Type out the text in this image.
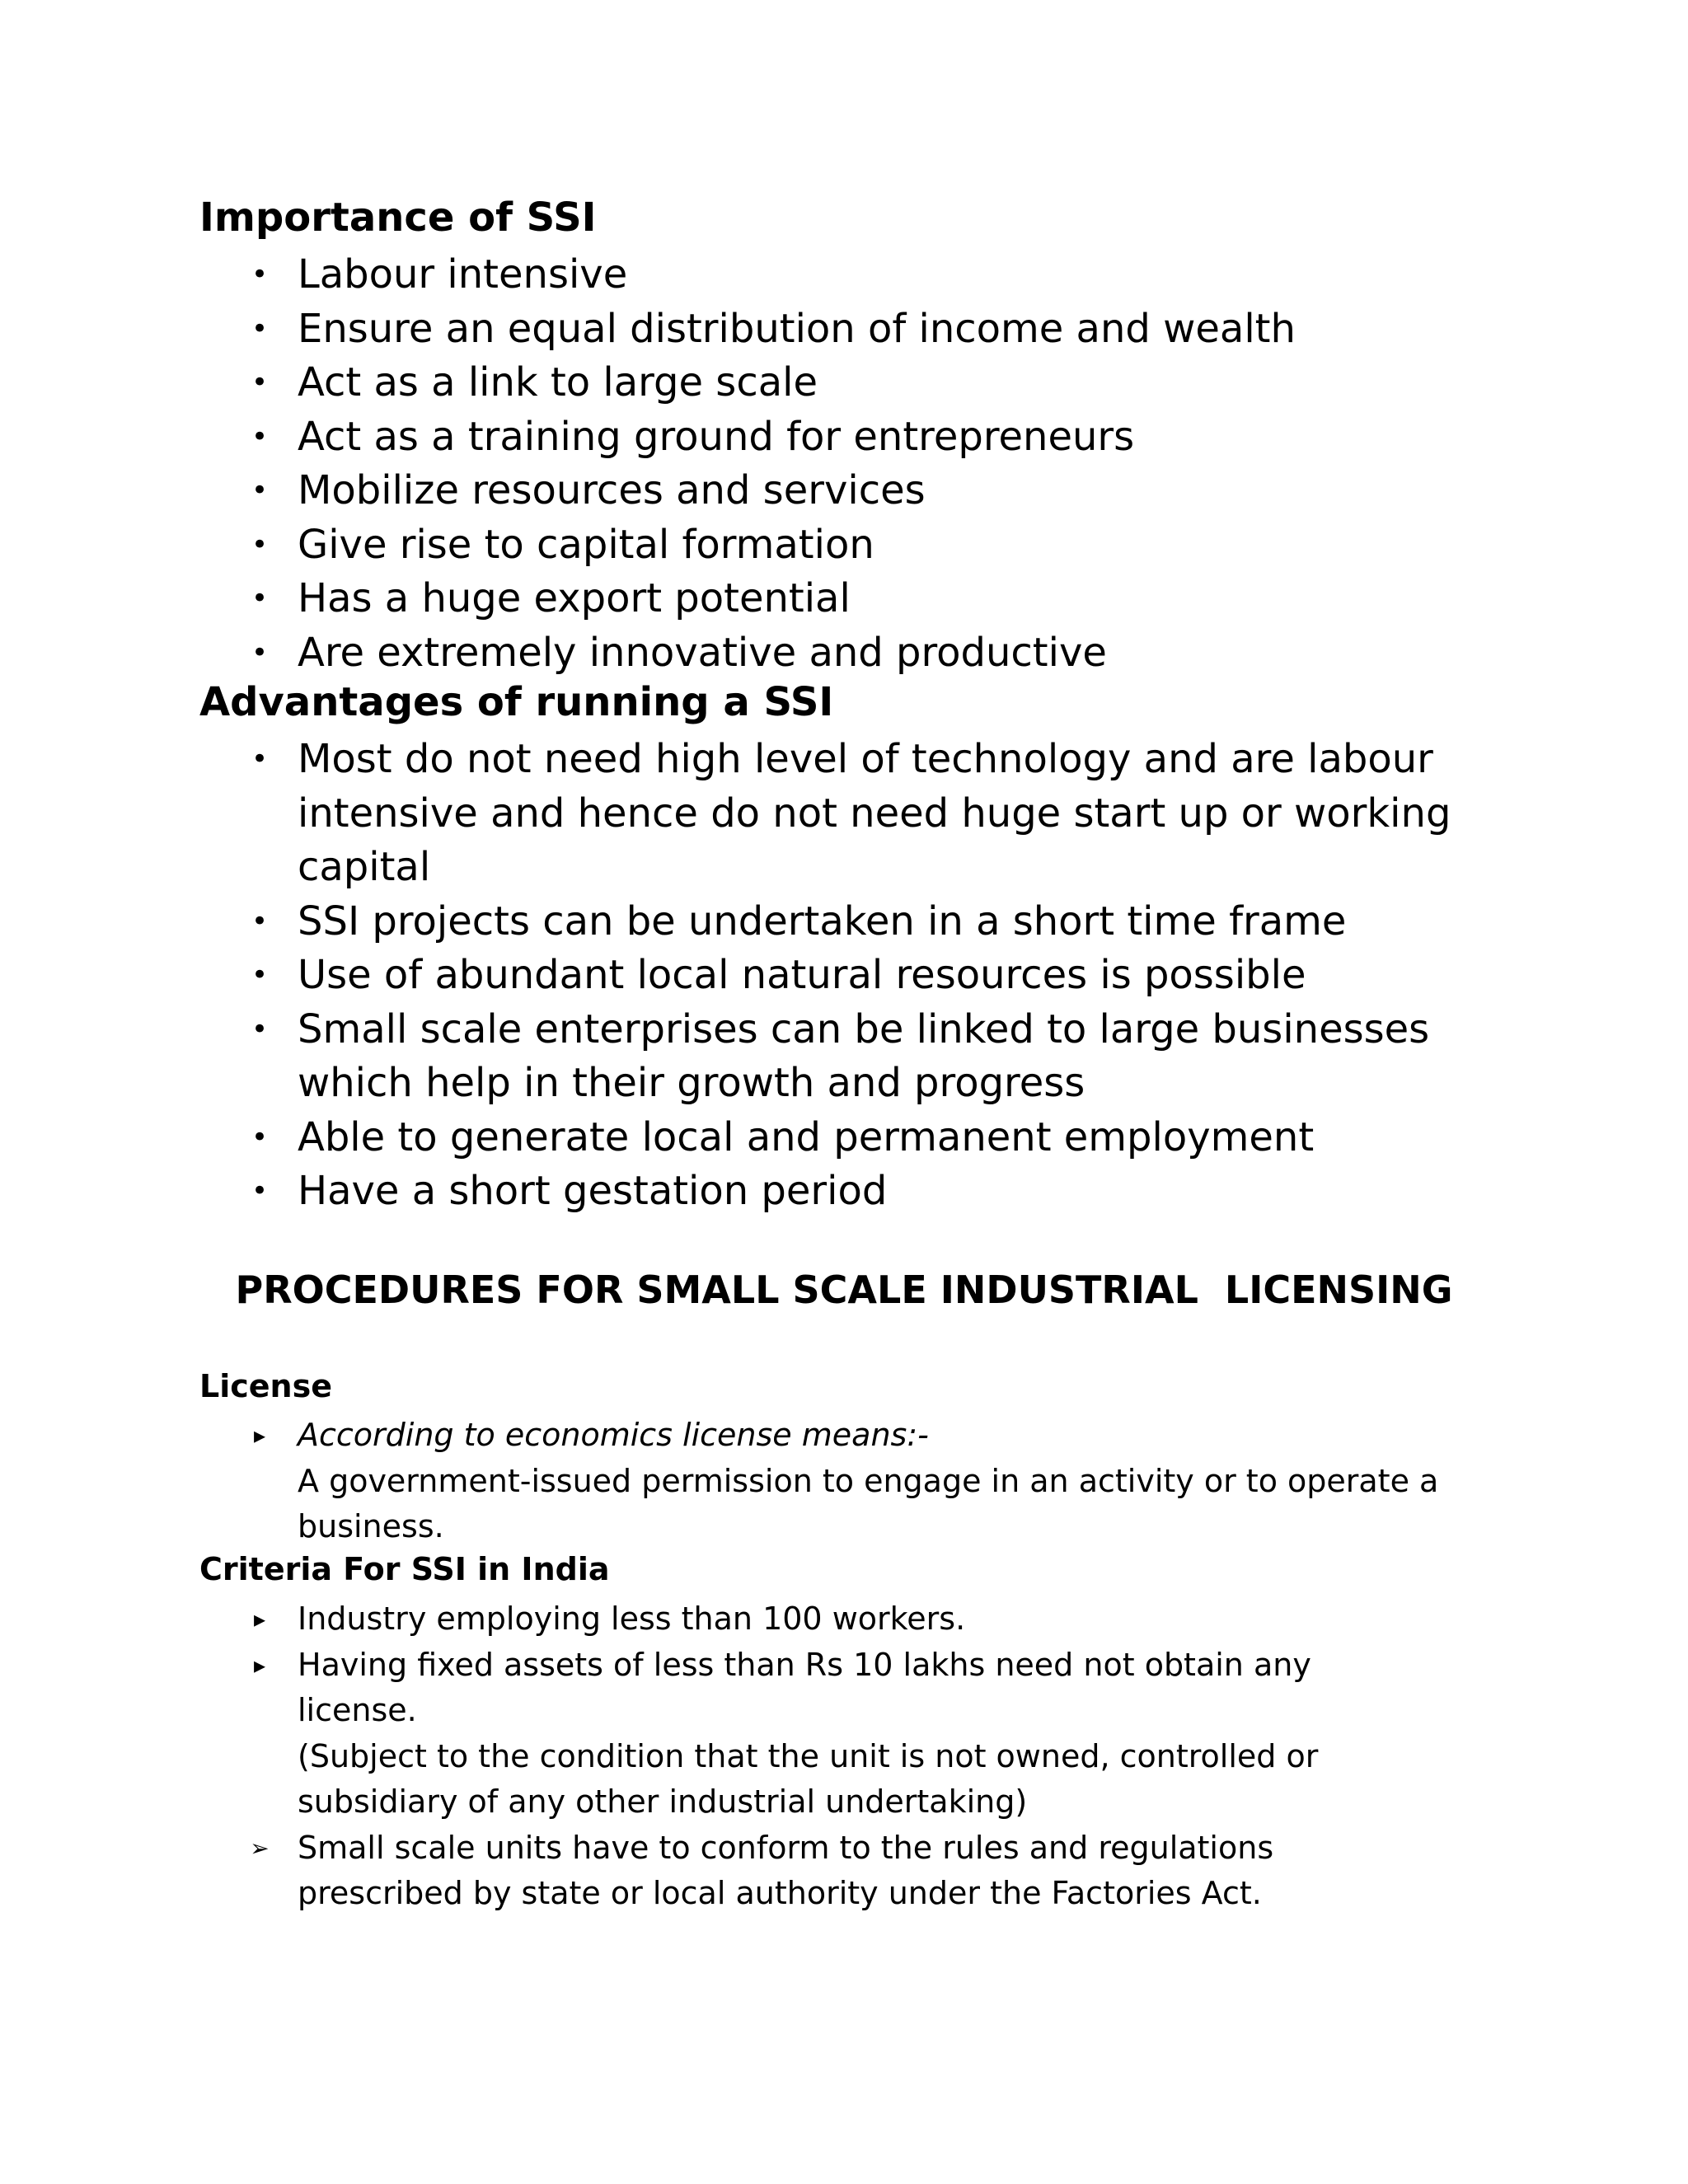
Importance of SSI
• Labour intensive
• Ensure an equal distribution of income and wealth
• Act as a link to large scale
• Act as a training ground for entrepreneurs
• Mobilize resources and services
• Give rise to capital formation
• Has a huge export potential
• Are extremely innovative and productive
Advantages of running a SSI
• Most do not need high level of technology and are labour intensive and hence do not need huge start up or working capital
• SSI projects can be undertaken in a short time frame
• Use of abundant local natural resources is possible
• Small scale enterprises can be linked to large businesses which help in their growth and progress
• Able to generate local and permanent employment
• Have a short gestation period
PROCEDURES FOR SMALL SCALE INDUSTRIAL  LICENSING
License
▸ According to economics license means:-
A government-issued permission to engage in an activity or to operate a business.
Criteria For SSI in India
▸ Industry employing less than 100 workers.
▸ Having fixed assets of less than Rs 10 lakhs need not obtain any license.
(Subject to the condition that the unit is not owned, controlled or subsidiary of any other industrial undertaking)
➢ Small scale units have to conform to the rules and regulations prescribed by state or local authority under the Factories Act.
